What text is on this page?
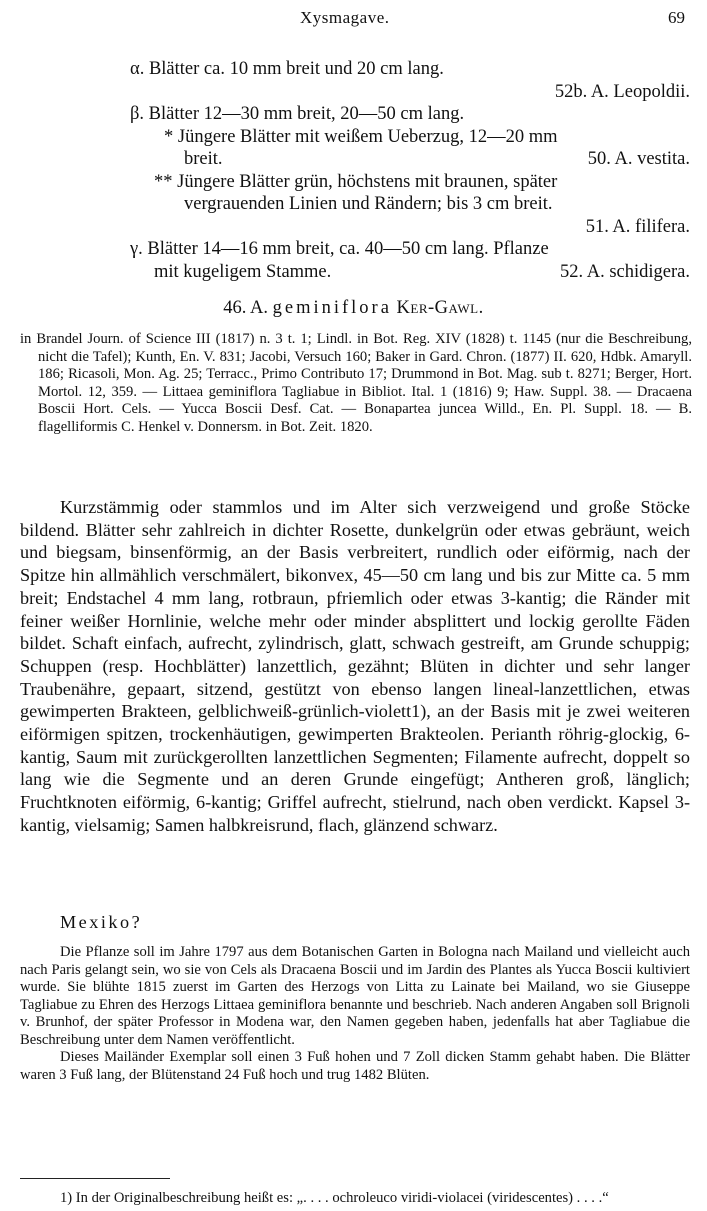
Xysmagave.	69
α. Blätter ca. 10 mm breit und 20 cm lang.
52b. A. Leopoldii.
β. Blätter 12—30 mm breit, 20—50 cm lang.
* Jüngere Blätter mit weißem Ueberzug, 12—20 mm
breit.	50. A. vestita.
** Jüngere Blätter grün, höchstens mit braunen, später
vergrauenden Linien und Rändern; bis 3 cm breit.
51. A. filifera.
γ. Blätter 14—16 mm breit, ca. 40—50 cm lang. Pflanze
mit kugeligem Stamme.	52. A. schidigera.
46. A. geminiflora Ker-Gawl.

in Brandel Journ. of Science III (1817) n. 3 t. 1; Lindl. in Bot. Reg. XIV (1828) t. 1145 (nur die Beschreibung, nicht die Tafel); Kunth, En. V. 831; Jacobi, Versuch 160; Baker in Gard. Chron. (1877) II. 620, Hdbk. Amaryll. 186; Ricasoli, Mon. Ag. 25; Terracc., Primo Contributo 17; Drummond in Bot. Mag. sub t. 8271; Berger, Hort. Mortol. 12, 359. — Littaea geminiflora Tagliabue in Bibliot. Ital. 1 (1816) 9; Haw. Suppl. 38. — Dracaena Boscii Hort. Cels. — Yucca Boscii Desf. Cat. — Bonapartea juncea Willd., En. Pl. Suppl. 18. — B. flagelliformis C. Henkel v. Donnersm. in Bot. Zeit. 1820.

Kurzstämmig oder stammlos und im Alter sich verzweigend und große Stöcke bildend. Blätter sehr zahlreich in dichter Rosette, dunkelgrün oder etwas gebräunt, weich und biegsam, binsenförmig, an der Basis verbreitert, rundlich oder eiförmig, nach der Spitze hin allmählich verschmälert, bikonvex, 45—50 cm lang und bis zur Mitte ca. 5 mm breit; Endstachel 4 mm lang, rotbraun, pfriemlich oder etwas 3-kantig; die Ränder mit feiner weißer Hornlinie, welche mehr oder minder absplittert und lockig gerollte Fäden bildet. Schaft einfach, aufrecht, zylindrisch, glatt, schwach gestreift, am Grunde schuppig; Schuppen (resp. Hochblätter) lanzettlich, gezähnt; Blüten in dichter und sehr langer Traubenähre, gepaart, sitzend, gestützt von ebenso langen lineal-lanzettlichen, etwas gewimperten Brakteen, gelblichweiß-grünlich-violett1), an der Basis mit je zwei weiteren eiförmigen spitzen, trockenhäutigen, gewimperten Brakteolen. Perianth röhrig-glockig, 6-kantig, Saum mit zurückgerollten lanzettlichen Segmenten; Filamente aufrecht, doppelt so lang wie die Segmente und an deren Grunde eingefügt; Antheren groß, länglich; Fruchtknoten eiförmig, 6-kantig; Griffel aufrecht, stielrund, nach oben verdickt. Kapsel 3-kantig, vielsamig; Samen halbkreisrund, flach, glänzend schwarz.

Mexiko?

Die Pflanze soll im Jahre 1797 aus dem Botanischen Garten in Bologna nach Mailand und vielleicht auch nach Paris gelangt sein, wo sie von Cels als Dracaena Boscii und im Jardin des Plantes als Yucca Boscii kultiviert wurde. Sie blühte 1815 zuerst im Garten des Herzogs von Litta zu Lainate bei Mailand, wo sie Giuseppe Tagliabue zu Ehren des Herzogs Littaea geminiflora benannte und beschrieb. Nach anderen Angaben soll Brignoli v. Brunhof, der später Professor in Modena war, den Namen gegeben haben, jedenfalls hat aber Tagliabue die Beschreibung unter dem Namen veröffentlicht.

Dieses Mailänder Exemplar soll einen 3 Fuß hohen und 7 Zoll dicken Stamm gehabt haben. Die Blätter waren 3 Fuß lang, der Blütenstand 24 Fuß hoch und trug 1482 Blüten.

1) In der Originalbeschreibung heißt es: „. . . . ochroleuco viridi-violacei (viridescentes) . . . .“
